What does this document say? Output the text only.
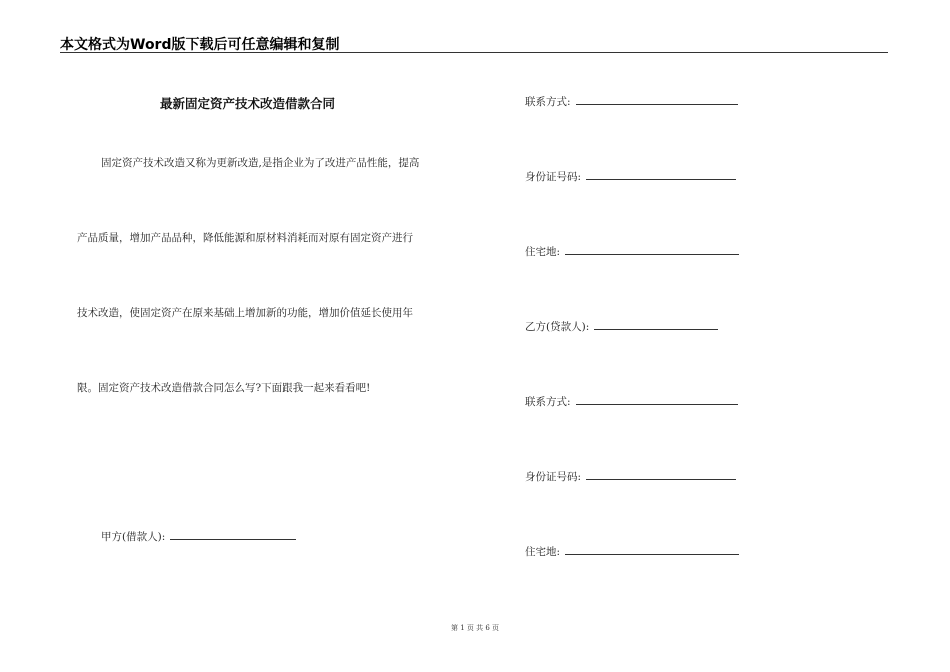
本文格式为Word版下载后可任意编辑和复制
最新固定资产技术改造借款合同
固定资产技术改造又称为更新改造,是指企业为了改进产品性能，提高
产品质量，增加产品品种，降低能源和原材料消耗而对原有固定资产进行
技术改造，使固定资产在原来基础上增加新的功能，增加价值延长使用年
限。固定资产技术改造借款合同怎么写?下面跟我一起来看看吧!
甲方(借款人):
联系方式:
身份证号码:
住宅地:
乙方(贷款人):
联系方式:
身份证号码:
住宅地:
第 1 页 共 6 页
